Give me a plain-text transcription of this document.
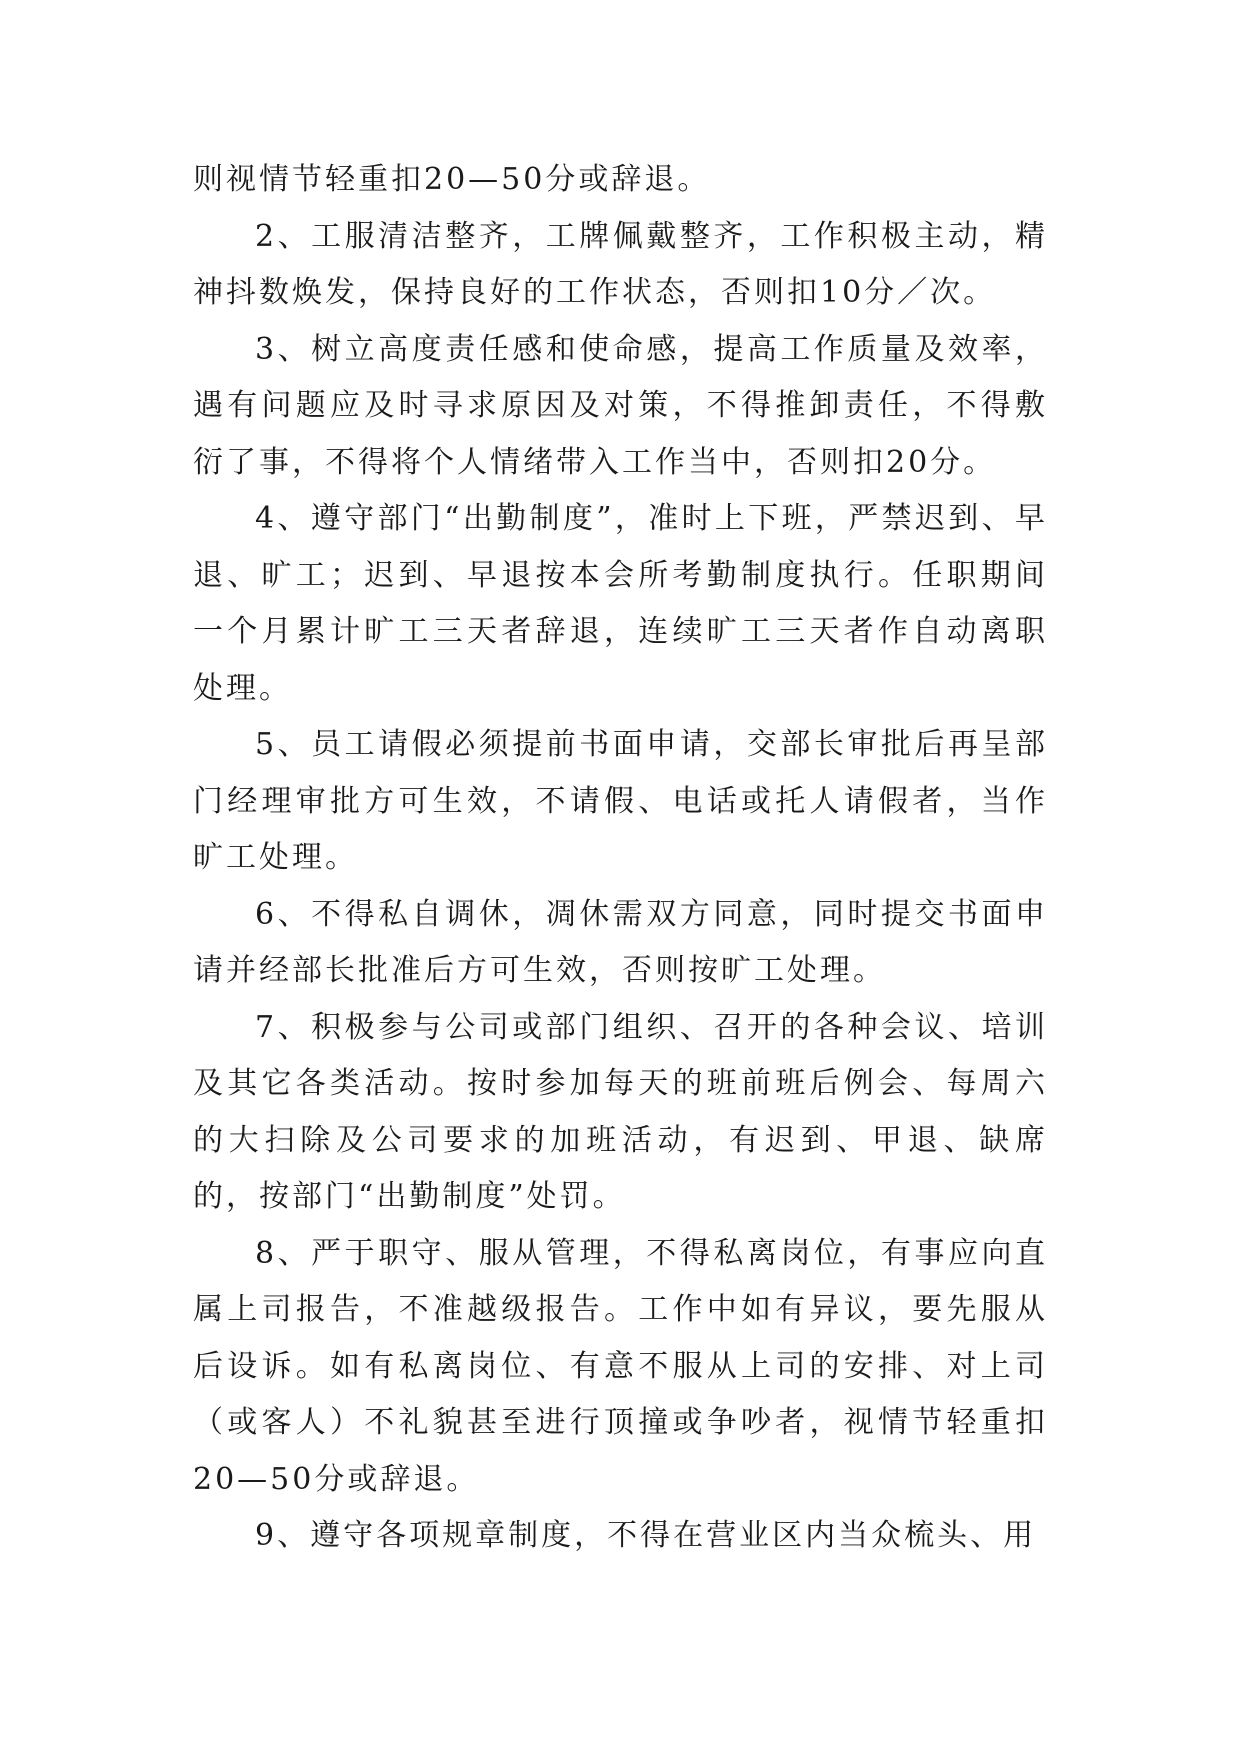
则视情节轻重扣20—50分或辞退。

2、工服清洁整齐，工牌佩戴整齐，工作积极主动，精神抖数焕发，保持良好的工作状态，否则扣10分／次。

3、树立高度责任感和使命感，提高工作质量及效率，遇有问题应及时寻求原因及对策，不得推卸责任，不得敷衍了事，不得将个人情绪带入工作当中，否则扣20分。

4、遵守部门“出勤制度”，准时上下班，严禁迟到、早退、旷工；迟到、早退按本会所考勤制度执行。任职期间一个月累计旷工三天者辞退，连续旷工三天者作自动离职处理。

5、员工请假必须提前书面申请，交部长审批后再呈部门经理审批方可生效，不请假、电话或托人请假者，当作旷工处理。

6、不得私自调休，凋休需双方同意，同时提交书面申请并经部长批准后方可生效，否则按旷工处理。

7、积极参与公司或部门组织、召开的各种会议、培训及其它各类活动。按时参加每天的班前班后例会、每周六的大扫除及公司要求的加班活动，有迟到、甲退、缺席的，按部门“出勤制度”处罚。

8、严于职守、服从管理，不得私离岗位，有事应向直属上司报告，不准越级报告。工作中如有异议，要先服从后设诉。如有私离岗位、有意不服从上司的安排、对上司（或客人）不礼貌甚至进行顶撞或争吵者，视情节轻重扣20—50分或辞退。

9、遵守各项规章制度，不得在营业区内当众梳头、用
